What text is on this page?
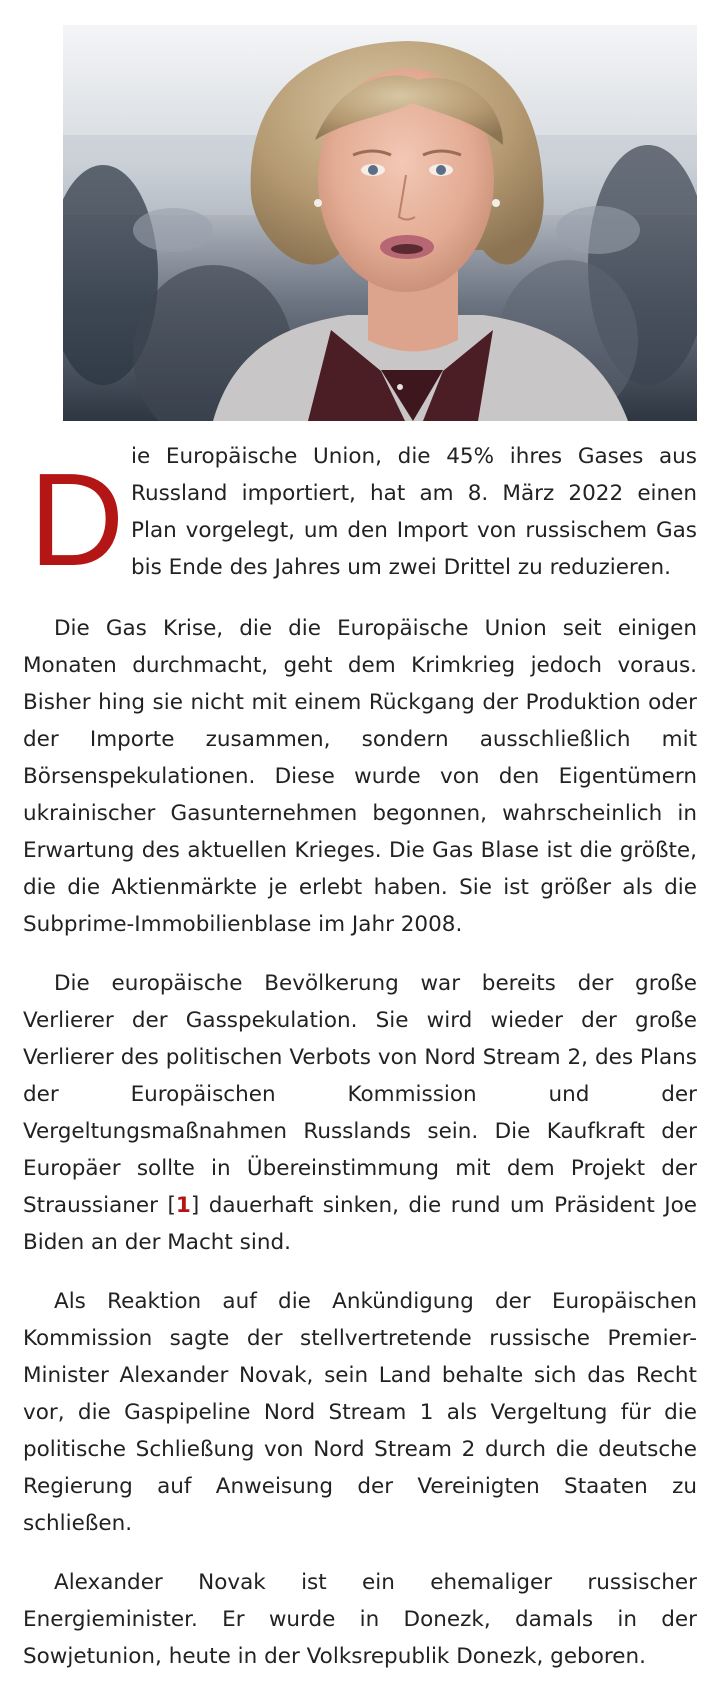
D ie Europäische Union, die 45% ihres Gases aus Russland importiert, hat am 8. März 2022 einen Plan vorgelegt, um den Import von russischem Gas bis Ende des Jahres um zwei Drittel zu reduzieren.

Die Gas Krise, die die Europäische Union seit einigen Monaten durchmacht, geht dem Krimkrieg jedoch voraus. Bisher hing sie nicht mit einem Rückgang der Produktion oder der Importe zusammen, sondern ausschließlich mit Börsenspekulationen. Diese wurde von den Eigentümern ukrainischer Gasunternehmen begonnen, wahrscheinlich in Erwartung des aktuellen Krieges. Die Gas Blase ist die größte, die die Aktienmärkte je erlebt haben. Sie ist größer als die Subprime-Immobilienblase im Jahr 2008.

Die europäische Bevölkerung war bereits der große Verlierer der Gasspekulation. Sie wird wieder der große Verlierer des politischen Verbots von Nord Stream 2, des Plans der Europäischen Kommission und der Vergeltungsmaßnahmen Russlands sein. Die Kaufkraft der Europäer sollte in Übereinstimmung mit dem Projekt der Straussianer [1] dauerhaft sinken, die rund um Präsident Joe Biden an der Macht sind.

Als Reaktion auf die Ankündigung der Europäischen Kommission sagte der stellvertretende russische Premier-Minister Alexander Novak, sein Land behalte sich das Recht vor, die Gaspipeline Nord Stream 1 als Vergeltung für die politische Schließung von Nord Stream 2 durch die deutsche Regierung auf Anweisung der Vereinigten Staaten zu schließen.

Alexander Novak ist ein ehemaliger russischer Energieminister. Er wurde in Donezk, damals in der Sowjetunion, heute in der Volksrepublik Donezk, geboren.
